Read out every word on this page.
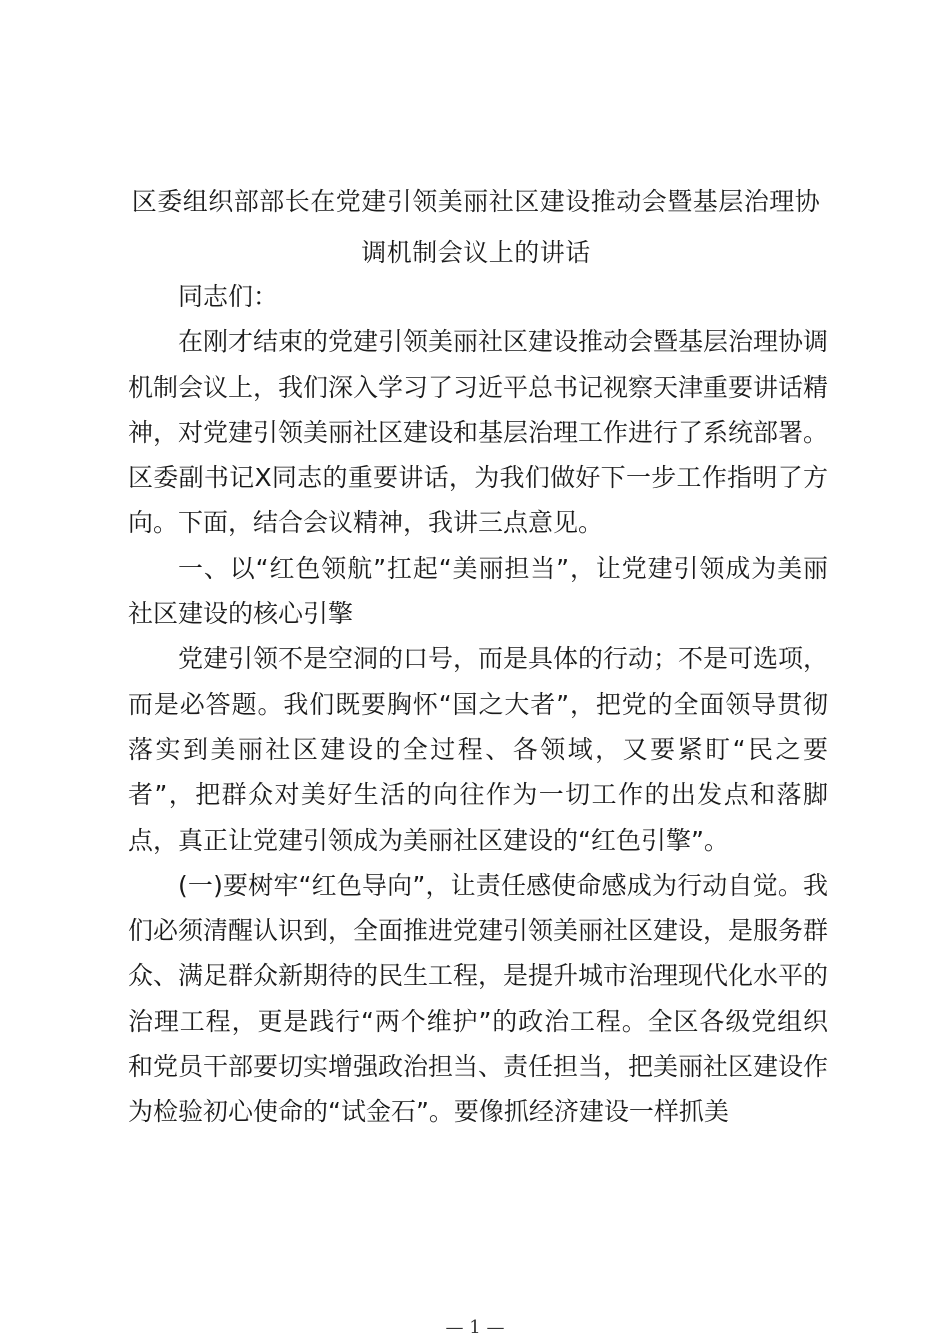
区委组织部部长在党建引领美丽社区建设推动会暨基层治理协
调机制会议上的讲话

同志们：

在刚才结束的党建引领美丽社区建设推动会暨基层治理协调机制会议上，我们深入学习了习近平总书记视察天津重要讲话精神，对党建引领美丽社区建设和基层治理工作进行了系统部署。区委副书记X同志的重要讲话，为我们做好下一步工作指明了方向。下面，结合会议精神，我讲三点意见。

一、以“红色领航”扛起“美丽担当”，让党建引领成为美丽社区建设的核心引擎

党建引领不是空洞的口号，而是具体的行动；不是可选项，而是必答题。我们既要胸怀“国之大者”，把党的全面领导贯彻落实到美丽社区建设的全过程、各领域，又要紧盯“民之要者”，把群众对美好生活的向往作为一切工作的出发点和落脚点，真正让党建引领成为美丽社区建设的“红色引擎”。

(一)要树牢“红色导向”，让责任感使命感成为行动自觉。我们必须清醒认识到，全面推进党建引领美丽社区建设，是服务群众、满足群众新期待的民生工程，是提升城市治理现代化水平的治理工程，更是践行“两个维护”的政治工程。全区各级党组织和党员干部要切实增强政治担当、责任担当，把美丽社区建设作为检验初心使命的“试金石”。要像抓经济建设一样抓美

— 1 —
